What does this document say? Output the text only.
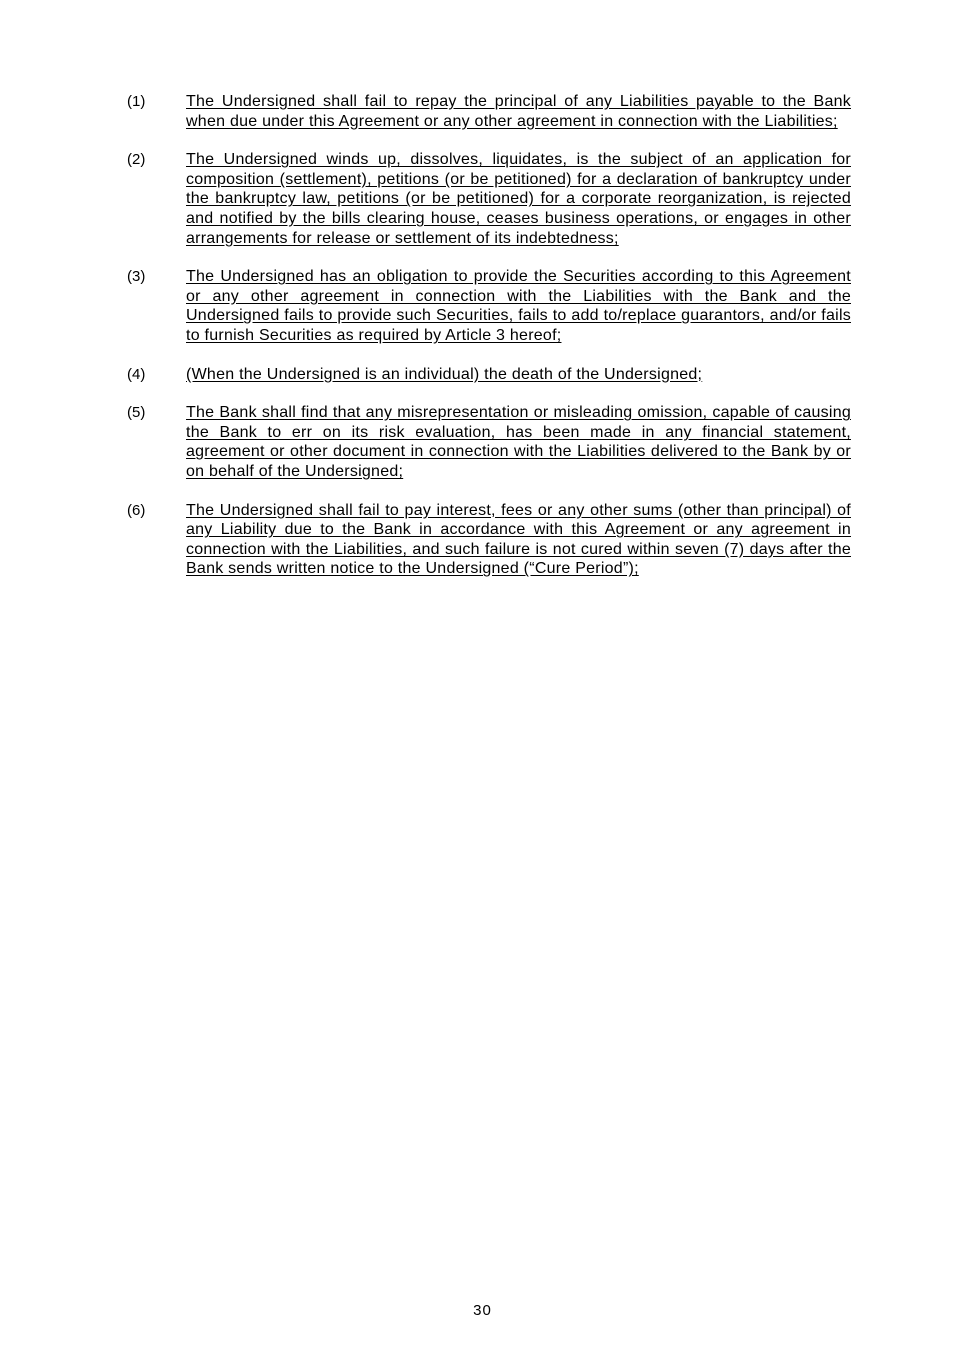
(1)	The Undersigned shall fail to repay the principal of any Liabilities payable to the Bank when due under this Agreement or any other agreement in connection with the Liabilities;
(2)	The Undersigned winds up, dissolves, liquidates, is the subject of an application for composition (settlement), petitions (or be petitioned) for a declaration of bankruptcy under the bankruptcy law, petitions (or be petitioned) for a corporate reorganization, is rejected and notified by the bills clearing house, ceases business operations, or engages in other arrangements for release or settlement of its indebtedness;
(3)	The Undersigned has an obligation to provide the Securities according to this Agreement or any other agreement in connection with the Liabilities with the Bank and the Undersigned fails to provide such Securities, fails to add to/replace guarantors, and/or fails to furnish Securities as required by Article 3 hereof;
(4)	(When the Undersigned is an individual) the death of the Undersigned;
(5)	The Bank shall find that any misrepresentation or misleading omission, capable of causing the Bank to err on its risk evaluation, has been made in any financial statement, agreement or other document in connection with the Liabilities delivered to the Bank by or on behalf of the Undersigned;
(6)	The Undersigned shall fail to pay interest, fees or any other sums (other than principal) of any Liability due to the Bank in accordance with this Agreement or any agreement in connection with the Liabilities, and such failure is not cured within seven (7) days after the Bank sends written notice to the Undersigned (“Cure Period”);
30
